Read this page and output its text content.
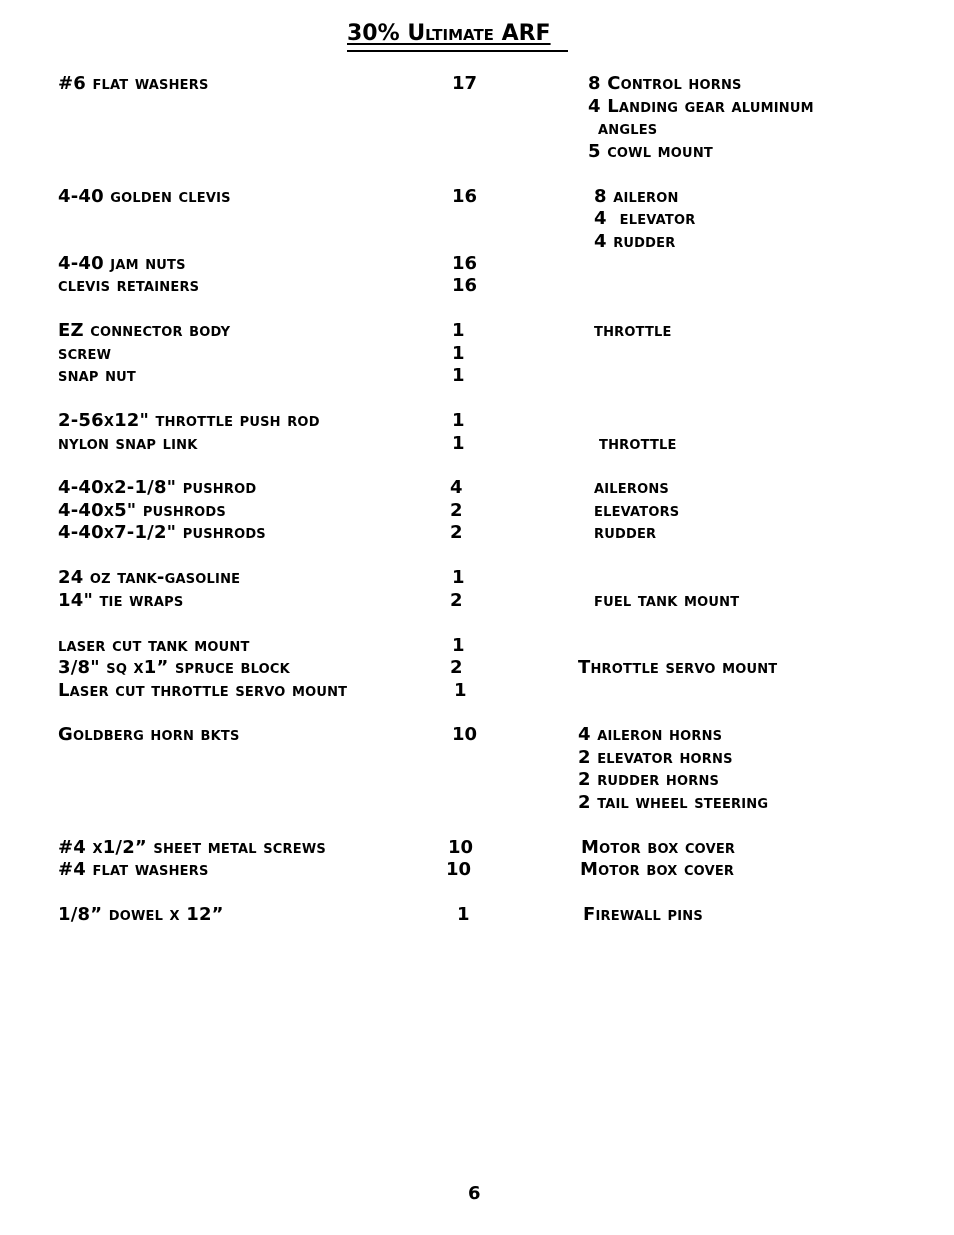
30% Ultimate ARF
#6 flat washers	17	8 Control horns
4 Landing gear aluminum
angles
5 cowl mount
4-40 golden clevis	16	8 aileron
4  elevator
4 rudder
4-40 jam nuts	16
clevis retainers	16
EZ connector body	1	throttle
screw	1
snap nut	1
2-56x12" throttle push rod	1
nylon snap link	1	throttle
4-40x2-1/8" pushrod	4	ailerons
4-40x5" pushrods	2	elevators
4-40x7-1/2" pushrods	2	rudder
24 oz tank-gasoline	1
14" tie wraps	2	fuel tank mount
laser cut tank mount	1
3/8" sq x1” spruce block	2	Throttle servo mount
Laser cut throttle servo mount	1
Goldberg horn bkts	10	4 aileron horns
2 elevator horns
2 rudder horns
2 tail wheel steering
#4 x1/2” sheet metal screws	10	Motor box cover
#4 flat washers	10	Motor box cover
1/8” dowel x 12”	1	Firewall pins
6
